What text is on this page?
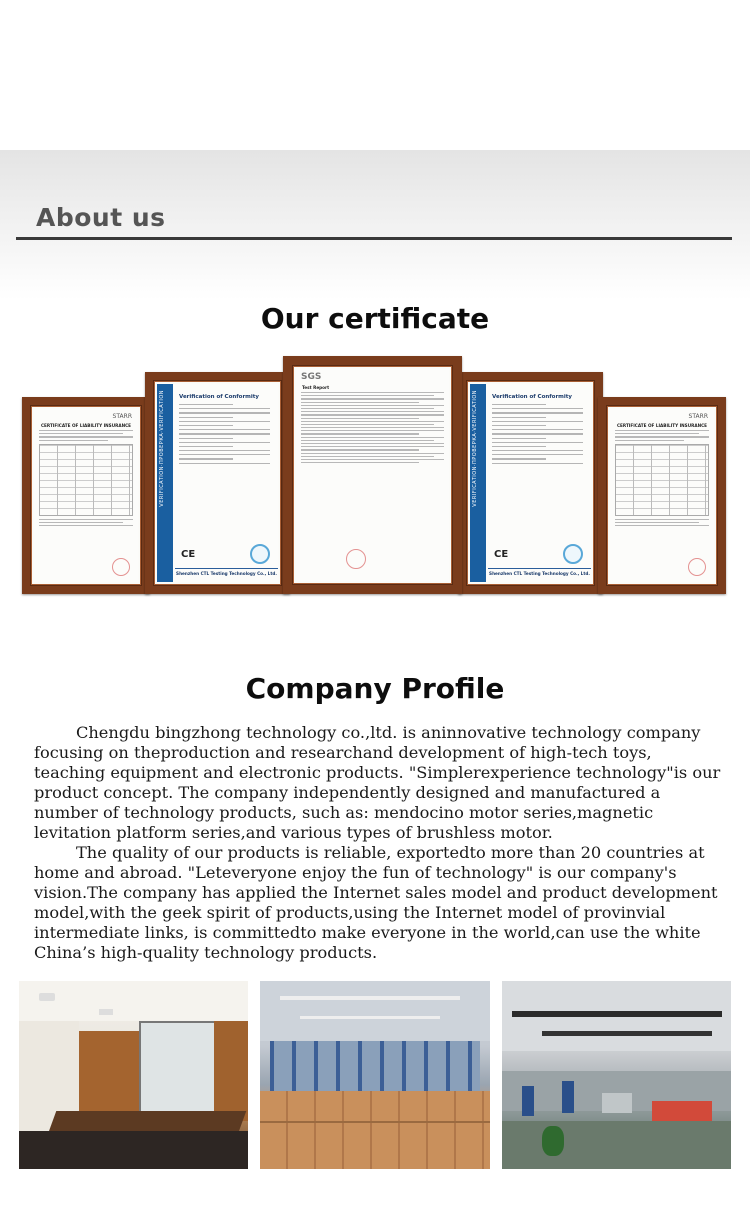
About us
Our certificate
STARR
CERTIFICATE OF LIABILITY INSURANCE	VERIFICATION·ПРОВЕРКА·VERIFICATION	Verification of Conformity
CE
Shenzhen CTL Testing Technology Co., Ltd.
VERIFICATION·ПРОВЕРКА·VERIFICATION	Verification of Conformity
CE
Shenzhen CTL Testing Technology Co., Ltd.
STARR
CERTIFICATE OF LIABILITY INSURANCE
SGS
Test Report
Company Profile

Chengdu bingzhong technology co.,ltd. is aninnovative technology company focusing on theproduction and researchand development of high-tech toys, teaching equipment and electronic products. "Simplerexperience technology"is our product concept. The company independently designed and manufactured a number of technology products, such as: mendocino motor series,magnetic levitation platform series,and various types of brushless motor.

The quality of our products is reliable, exportedto more than 20 countries at home and abroad. "Leteveryone enjoy the fun of technology" is our company's vision.The company has applied the Internet sales model and product development model,with the geek spirit of products,using the Internet model of provinvial intermediate links, is committedto make everyone in the world,can use the white China’s high-quality technology products.
